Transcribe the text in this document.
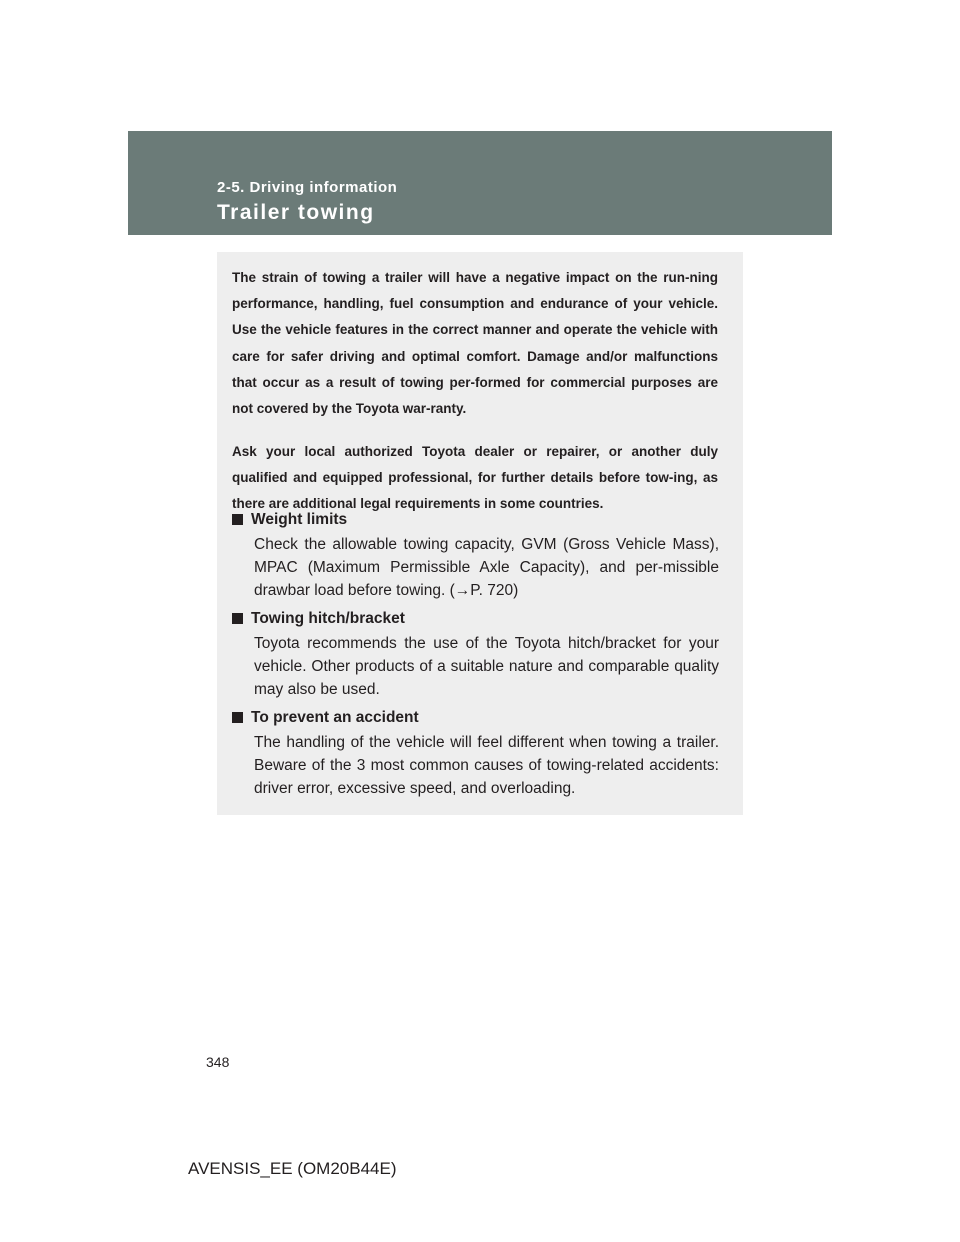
2-5. Driving information
Trailer towing

The strain of towing a trailer will have a negative impact on the run-ning performance, handling, fuel consumption and endurance of your vehicle. Use the vehicle features in the correct manner and operate the vehicle with care for safer driving and optimal comfort. Damage and/or malfunctions that occur as a result of towing per-formed for commercial purposes are not covered by the Toyota war-ranty.

Ask your local authorized Toyota dealer or repairer, or another duly qualified and equipped professional, for further details before tow-ing, as there are additional legal requirements in some countries.

Weight limits
Check the allowable towing capacity, GVM (Gross Vehicle Mass), MPAC (Maximum Permissible Axle Capacity), and per-missible drawbar load before towing. (→P. 720)
Towing hitch/bracket
Toyota recommends the use of the Toyota hitch/bracket for your vehicle. Other products of a suitable nature and comparable quality may also be used.
To prevent an accident
The handling of the vehicle will feel different when towing a trailer. Beware of the 3 most common causes of towing-related accidents: driver error, excessive speed, and overloading.
348
AVENSIS_EE (OM20B44E)
